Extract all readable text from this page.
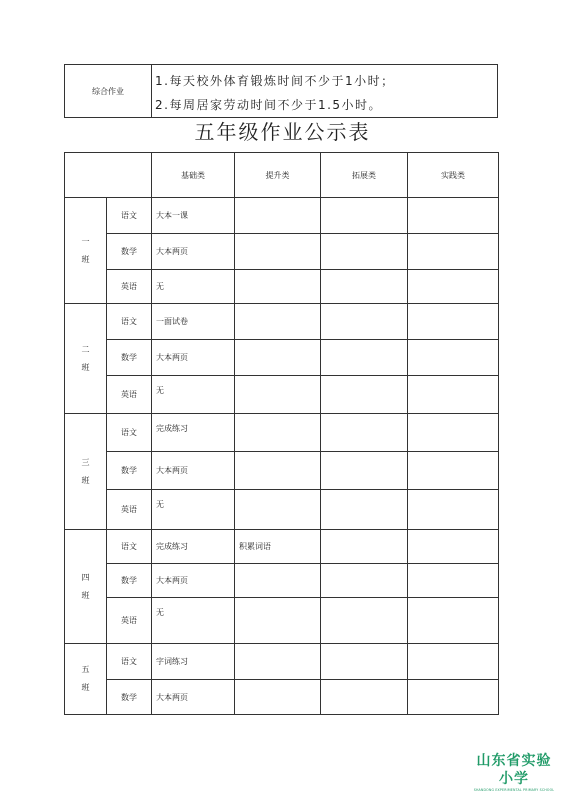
综合作业
1.每天校外体育锻炼时间不少于1小时；
2.每周居家劳动时间不少于1.5小时。
五年级作业公示表
		基础类	提升类	拓展类	实践类

一
班	语文	大本一课			
	数学	大本两页			
	英语	无			

二
班	语文	一面试卷			
	数学	大本两页			
	英语	无			

三
班	语文	完成练习			
	数学	大本两页			
	英语	无			

四
班	语文	完成练习	积累词语		
	数学	大本两页			
	英语	无			

五
班	语文	字词练习			
	数学	大本两页			
山东省实验小学
SHANDONG EXPERIMENTAL PRIMARY SCHOOL
